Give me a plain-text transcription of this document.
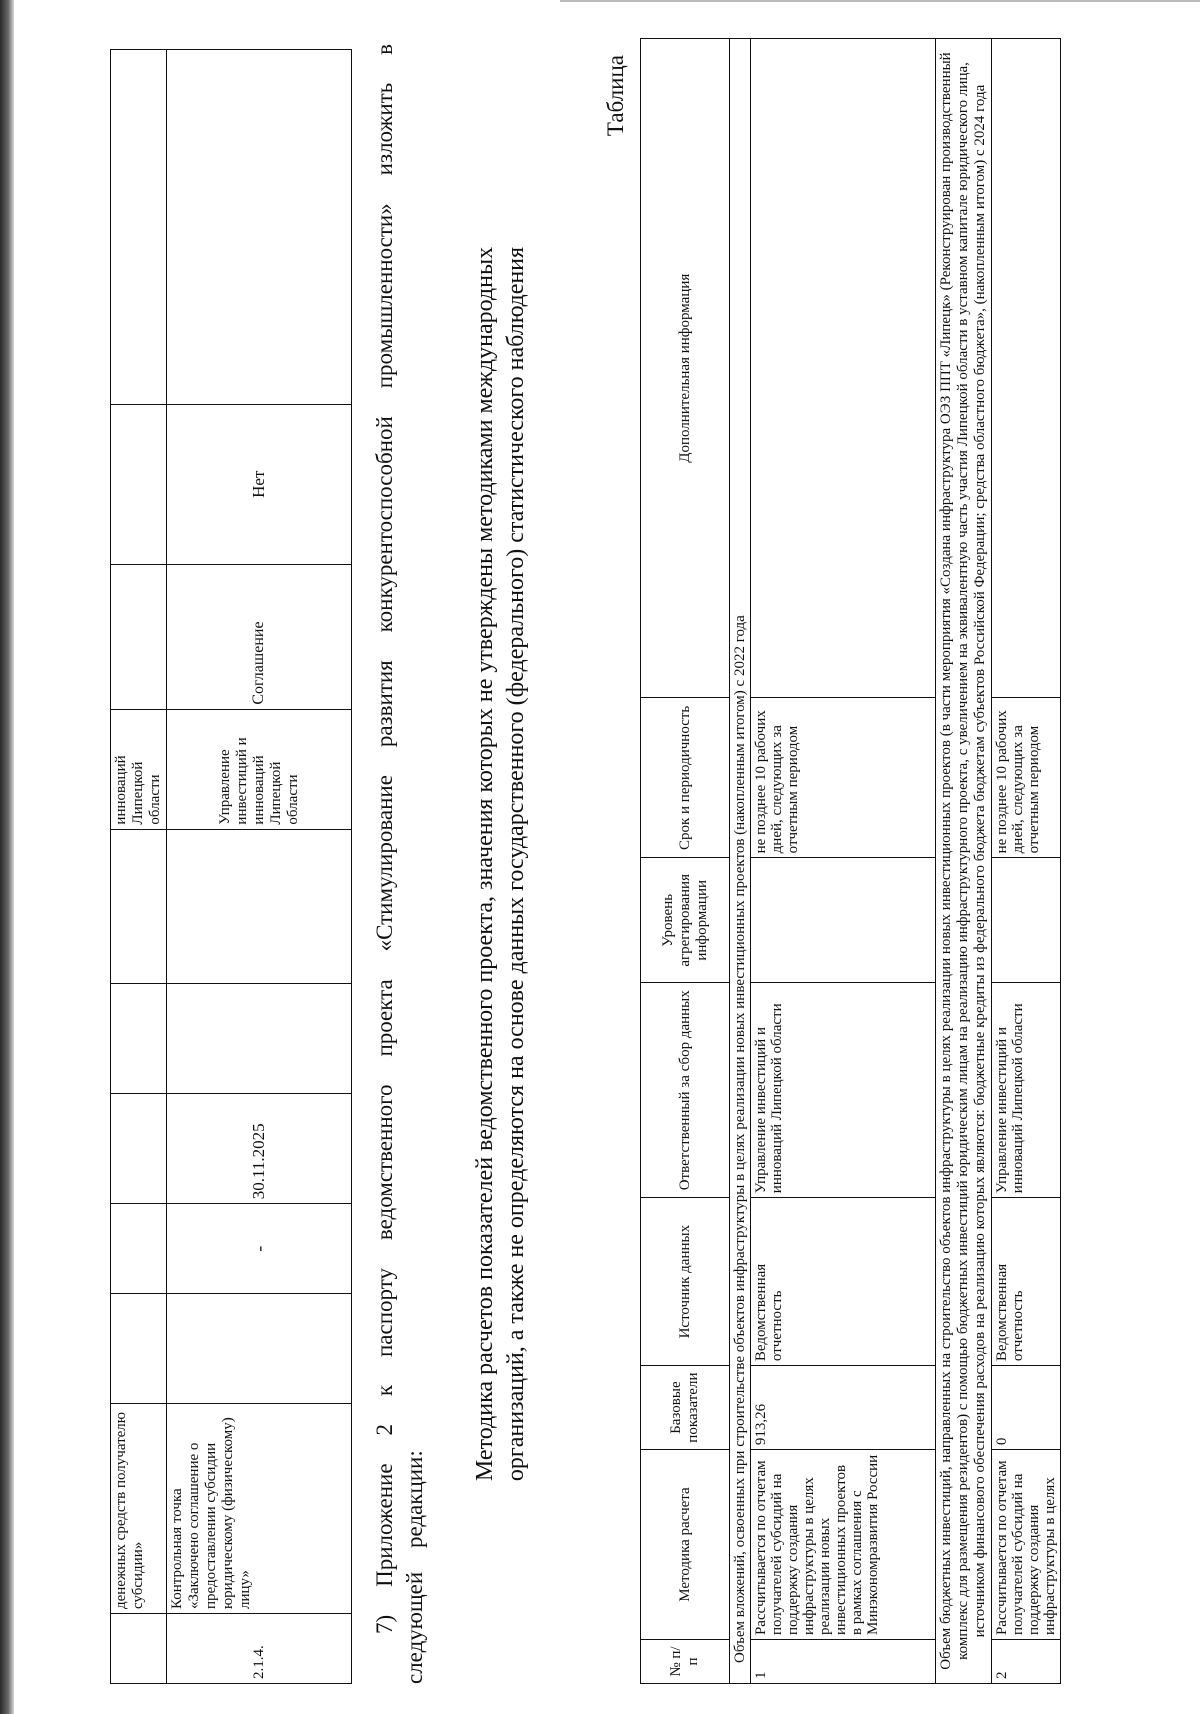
	денежных средств получателю субсидии»						инноваций Липецкой области			
2.1.4.	Контрольная точка «Заключено соглашение о предоставлении субсидии юридическому (физическому) лицу»		-	30.11.2025			Управление инвестиций и инноваций Липецкой области	Соглашение	Нет		7) Приложение 2 к паспорту ведомственного проекта «Стимулирование развития конкурентоспособной промышленности» изложить в следующей редакции:
Методика расчетов показателей ведомственного проекта, значения которых не утверждены методиками международных организаций, а также не определяются на основе данных государственного (федерального) статистического наблюдения
Таблица
№ п/п	Методика расчета	Базовые показатели	Источник данных	Ответственный за сбор данных	Уровень агрегирования информации	Срок и периодичность	Дополнительная информация
Объем вложений, освоенных при строительстве объектов инфраструктуры в целях реализации новых инвестиционных проектов (накопленным итогом) с 2022 года							
1	Рассчитывается по отчетам получателей субсидий на поддержку создания инфраструктуры в целях реализации новых инвестиционных проектов в рамках соглашения с Минэкономразвития России	913,26	Ведомственная отчетность	Управление инвестиций и инноваций Липецкой области		не позднее 10 рабочих дней, следующих за отчетным периодом	
Объем бюджетных инвестиций, направленных на строительство объектов инфраструктуры в целях реализации новых инвестиционных проектов (в части мероприятия «Создана инфраструктура ОЭЗ ППТ «Липецк» (Реконструирован производственный комплекс для размещения резидентов) с помощью бюджетных инвестиций юридическим лицам на реализацию инфраструктурного проекта, с увеличением на эквивалентную часть участия Липецкой области в уставном капитале юридического лица, источником финансового обеспечения расходов на реализацию которых являются: бюджетные кредиты из федерального бюджета бюджетам субъектов Российской Федерации; средства областного бюджета», (накопленным итогом) с 2024 года							
2	Рассчитывается по отчетам получателей субсидий на поддержку создания инфраструктуры в целях	0	Ведомственная отчетность	Управление инвестиций и инноваций Липецкой области		не позднее 10 рабочих дней, следующих за отчетным периодом	
